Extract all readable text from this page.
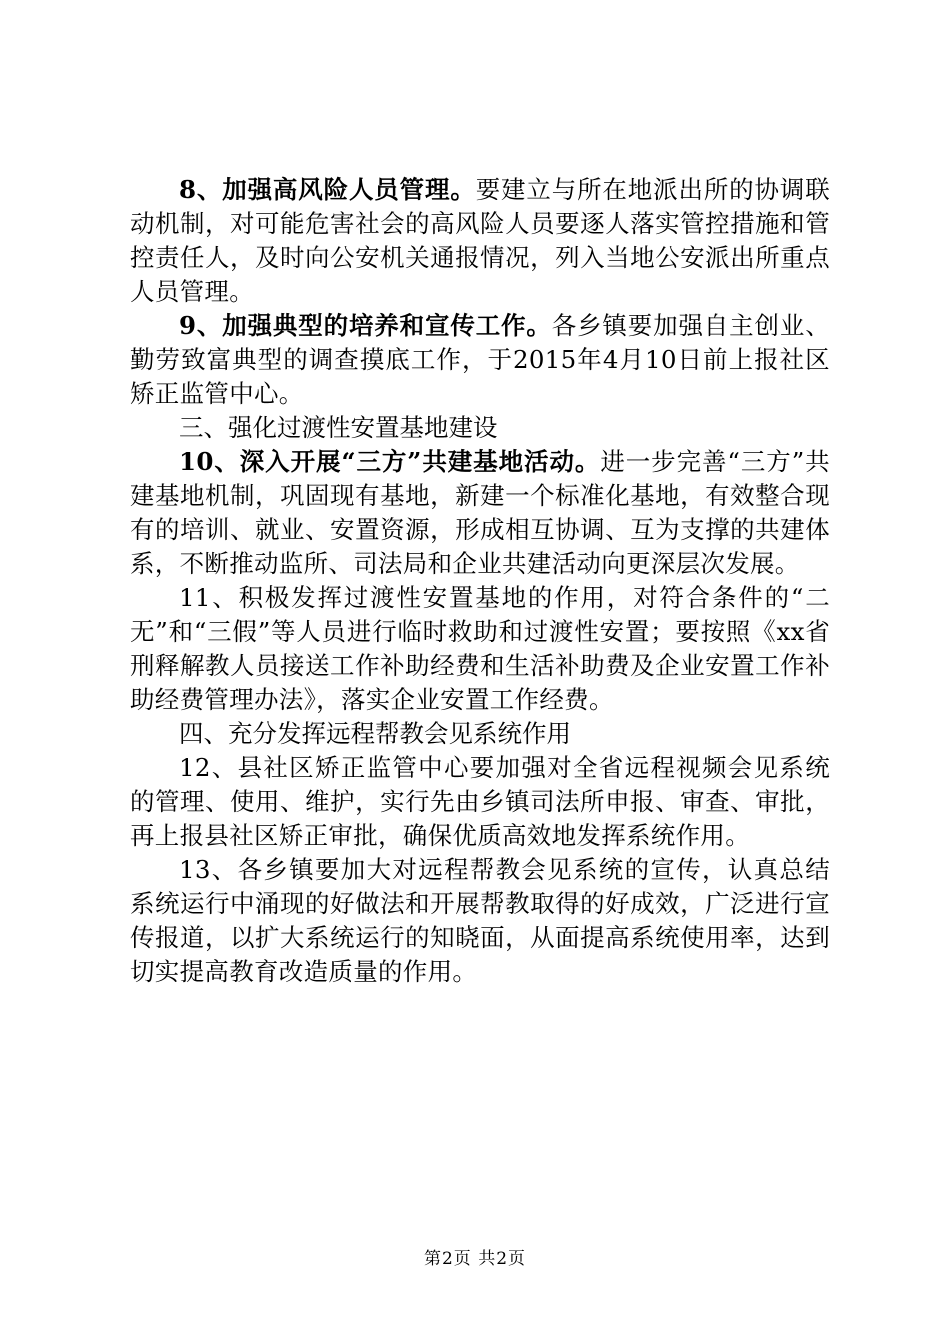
8、加强高风险人员管理。要建立与所在地派出所的协调联动机制，对可能危害社会的高风险人员要逐人落实管控措施和管控责任人，及时向公安机关通报情况，列入当地公安派出所重点人员管理。

9、加强典型的培养和宣传工作。各乡镇要加强自主创业、勤劳致富典型的调查摸底工作，于2015年4月10日前上报社区矫正监管中心。

三、强化过渡性安置基地建设

10、深入开展“三方”共建基地活动。进一步完善“三方”共建基地机制，巩固现有基地，新建一个标准化基地，有效整合现有的培训、就业、安置资源，形成相互协调、互为支撑的共建体系，不断推动监所、司法局和企业共建活动向更深层次发展。

11、积极发挥过渡性安置基地的作用，对符合条件的“二无”和“三假”等人员进行临时救助和过渡性安置；要按照《xx省刑释解教人员接送工作补助经费和生活补助费及企业安置工作补助经费管理办法》，落实企业安置工作经费。

四、充分发挥远程帮教会见系统作用

12、县社区矫正监管中心要加强对全省远程视频会见系统的管理、使用、维护，实行先由乡镇司法所申报、审查、审批，再上报县社区矫正审批，确保优质高效地发挥系统作用。

13、各乡镇要加大对远程帮教会见系统的宣传，认真总结系统运行中涌现的好做法和开展帮教取得的好成效，广泛进行宣传报道，以扩大系统运行的知晓面，从面提高系统使用率，达到切实提高教育改造质量的作用。

第2页 共2页
